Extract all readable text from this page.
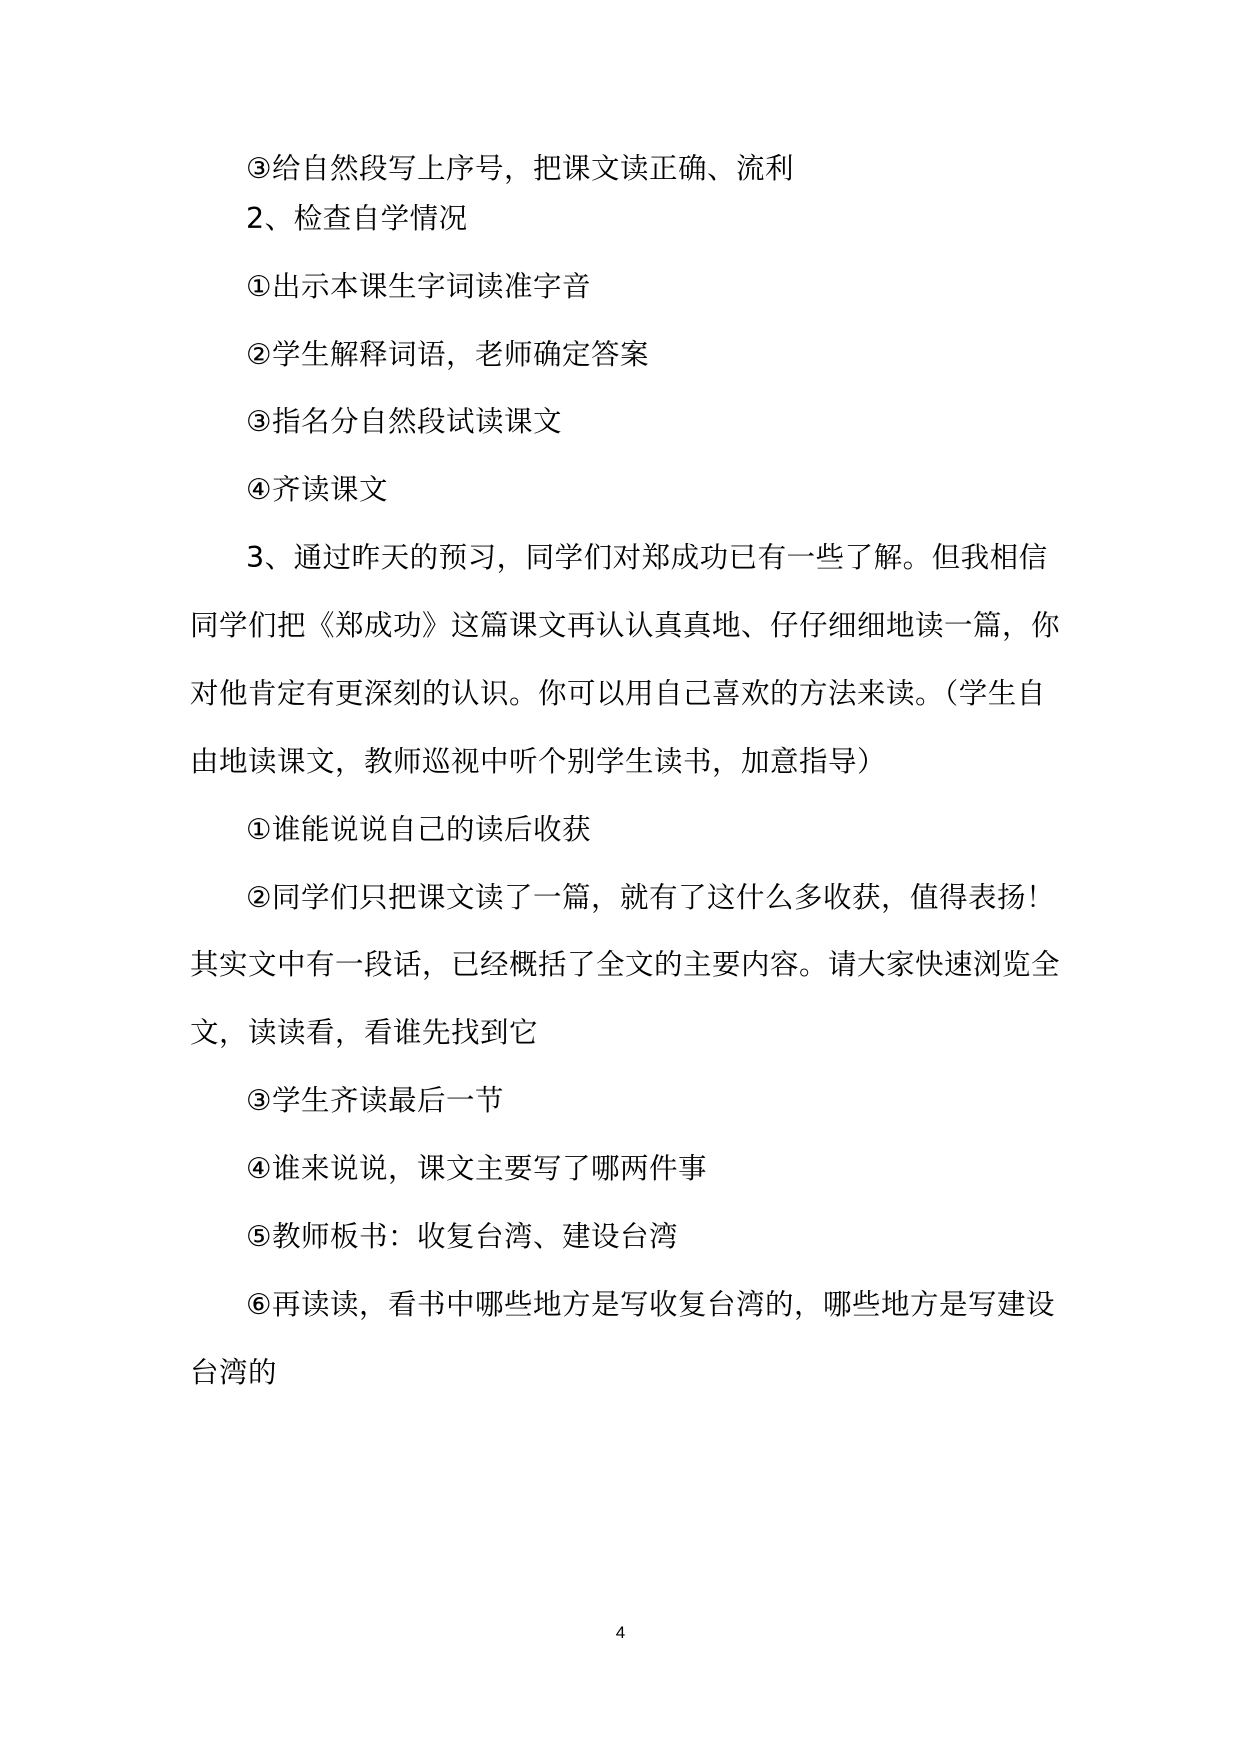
③给自然段写上序号，把课文读正确、流利
2、检查自学情况
①出示本课生字词读准字音
②学生解释词语，老师确定答案
③指名分自然段试读课文
④齐读课文
3、通过昨天的预习，同学们对郑成功已有一些了解。但我相信
同学们把《郑成功》这篇课文再认认真真地、仔仔细细地读一篇，你
对他肯定有更深刻的认识。你可以用自己喜欢的方法来读。（学生自
由地读课文，教师巡视中听个别学生读书，加意指导）
①谁能说说自己的读后收获
②同学们只把课文读了一篇，就有了这什么多收获，值得表扬！
其实文中有一段话，已经概括了全文的主要内容。请大家快速浏览全
文，读读看，看谁先找到它
③学生齐读最后一节
④谁来说说，课文主要写了哪两件事
⑤教师板书：收复台湾、建设台湾
⑥再读读，看书中哪些地方是写收复台湾的，哪些地方是写建设
台湾的
4
